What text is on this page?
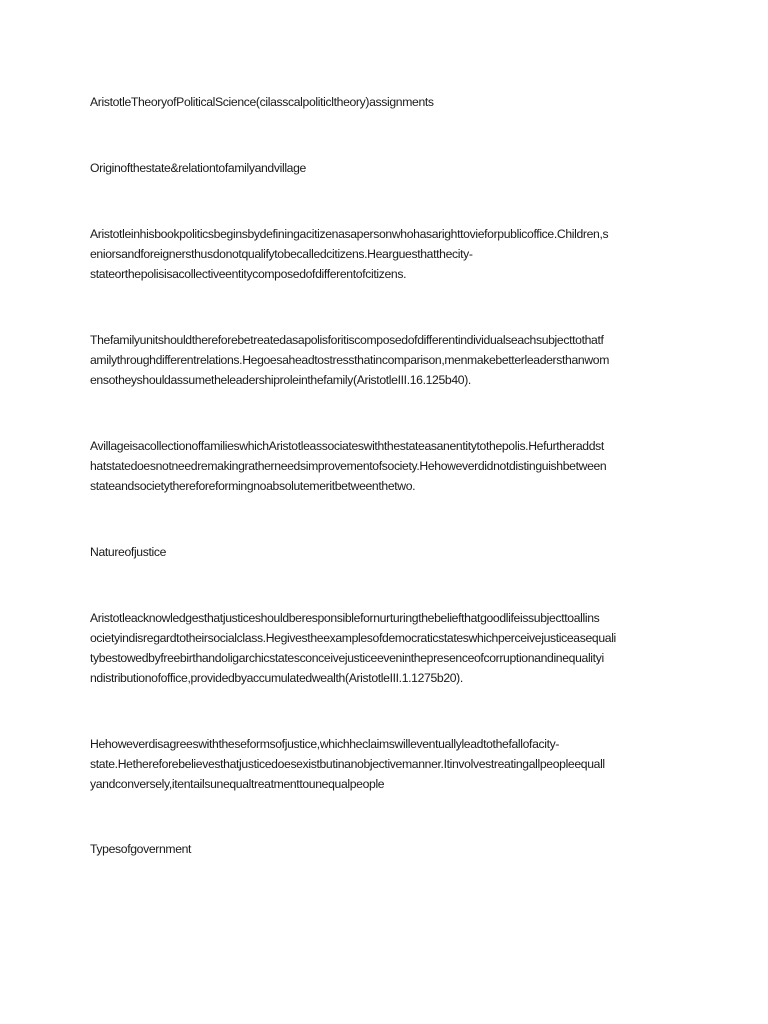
AristotleTheoryofPoliticalScience(cilasscalpoliticltheory)assignments

Originofthestate&relationtofamilyandvillage

Aristotleinhisbookpoliticsbeginsbydefiningacitizenasapersonwhohasarighttovieforpublicoffice.Children,s

eniorsandforeignersthusdonotqualifytobecalledcitizens.Hearguesthatthecity-

stateorthepolisisacollectiveentitycomposedofdifferentofcitizens.

Thefamilyunitshouldthereforebetreatedasapolisforitiscomposedofdifferentindividualseachsubjecttothatf

amilythroughdifferentrelations.Hegoesaheadtostressthatincomparison,menmakebetterleadersthanwom

ensotheyshouldassumetheleadershiproleinthefamily(AristotleIII.16.125b40).

AvillageisacollectionoffamilieswhichAristotleassociateswiththestateasanentitytothepolis.Hefurtheraddst

hatstatedoesnotneedremakingratherneedsimprovementofsociety.Hehoweverdidnotdistinguishbetween

stateandsocietythereforeformingnoabsolutemeritbetweenthetwo.

Natureofjustice

Aristotleacknowledgesthatjusticeshouldberesponsiblefornurturingthebeliefthatgoodlifeissubjecttoallins

ocietyindisregardtotheirsocialclass.Hegivestheexamplesofdemocraticstateswhichperceivejusticeasequali

tybestowedbyfreebirthandoligarchicstatesconceivejusticeeveninthepresenceofcorruptionandinequalityi

ndistributionofoffice,providedbyaccumulatedwealth(AristotleIII.1.1275b20).

Hehoweverdisagreeswiththeseformsofjustice,whichheclaimswilleventuallyleadtothefallofacity-

state.Hethereforebelievesthatjusticedoesexistbutinanobjectivemanner.Itinvolvestreatingallpeopleequall

yandconversely,itentailsunequaltreatmenttounequalpeople

Typesofgovernment
